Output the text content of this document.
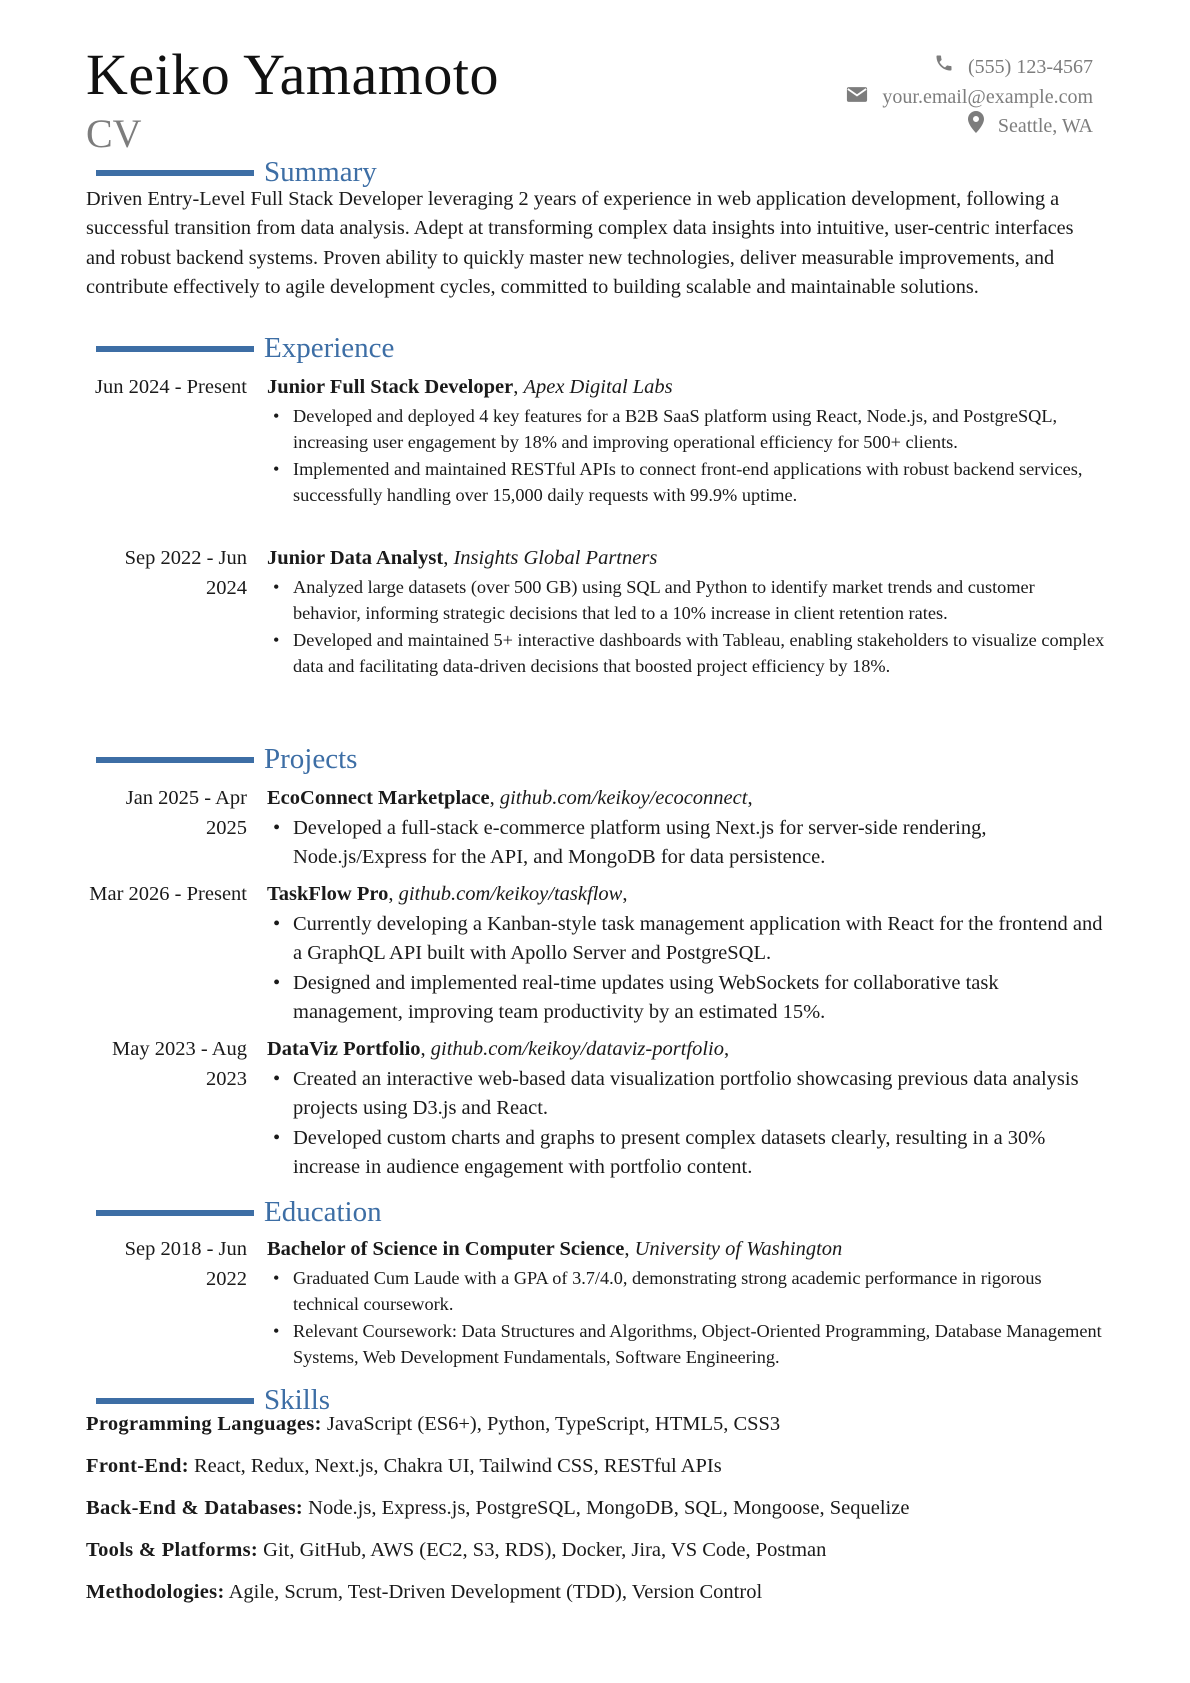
Keiko Yamamoto
CV
(555) 123-4567
your.email@example.com
Seattle, WA
Summary
Driven Entry-Level Full Stack Developer leveraging 2 years of experience in web application development, following a successful transition from data analysis. Adept at transforming complex data insights into intuitive, user-centric interfaces and robust backend systems. Proven ability to quickly master new technologies, deliver measurable improvements, and contribute effectively to agile development cycles, committed to building scalable and maintainable solutions.
Experience
Jun 2024 - Present Junior Full Stack Developer, Apex Digital Labs
• Developed and deployed 4 key features for a B2B SaaS platform using React, Node.js, and PostgreSQL, increasing user engagement by 18% and improving operational efficiency for 500+ clients.
• Implemented and maintained RESTful APIs to connect front-end applications with robust backend services, successfully handling over 15,000 daily requests with 99.9% uptime.
Sep 2022 - Jun 2024
Junior Data Analyst, Insights Global Partners
• Analyzed large datasets (over 500 GB) using SQL and Python to identify market trends and customer behavior, informing strategic decisions that led to a 10% increase in client retention rates.
• Developed and maintained 5+ interactive dashboards with Tableau, enabling stakeholders to visualize complex data and facilitating data-driven decisions that boosted project efficiency by 18%.
Projects
Jan 2025 - Apr 2025
EcoConnect Marketplace, github.com/keikoy/ecoconnect,
• Developed a full-stack e-commerce platform using Next.js for server-side rendering, Node.js/Express for the API, and MongoDB for data persistence.
Mar 2026 - Present TaskFlow Pro, github.com/keikoy/taskflow,
• Currently developing a Kanban-style task management application with React for the frontend and a GraphQL API built with Apollo Server and PostgreSQL.
• Designed and implemented real-time updates using WebSockets for collaborative task management, improving team productivity by an estimated 15%.
May 2023 - Aug 2023
DataViz Portfolio, github.com/keikoy/dataviz-portfolio,
• Created an interactive web-based data visualization portfolio showcasing previous data analysis projects using D3.js and React.
• Developed custom charts and graphs to present complex datasets clearly, resulting in a 30% increase in audience engagement with portfolio content.
Education
Sep 2018 - Jun 2022
Bachelor of Science in Computer Science, University of Washington
• Graduated Cum Laude with a GPA of 3.7/4.0, demonstrating strong academic performance in rigorous technical coursework.
• Relevant Coursework: Data Structures and Algorithms, Object-Oriented Programming, Database Management Systems, Web Development Fundamentals, Software Engineering.
Skills
Programming Languages: JavaScript (ES6+), Python, TypeScript, HTML5, CSS3
Front-End: React, Redux, Next.js, Chakra UI, Tailwind CSS, RESTful APIs
Back-End & Databases: Node.js, Express.js, PostgreSQL, MongoDB, SQL, Mongoose, Sequelize
Tools & Platforms: Git, GitHub, AWS (EC2, S3, RDS), Docker, Jira, VS Code, Postman
Methodologies: Agile, Scrum, Test-Driven Development (TDD), Version Control
